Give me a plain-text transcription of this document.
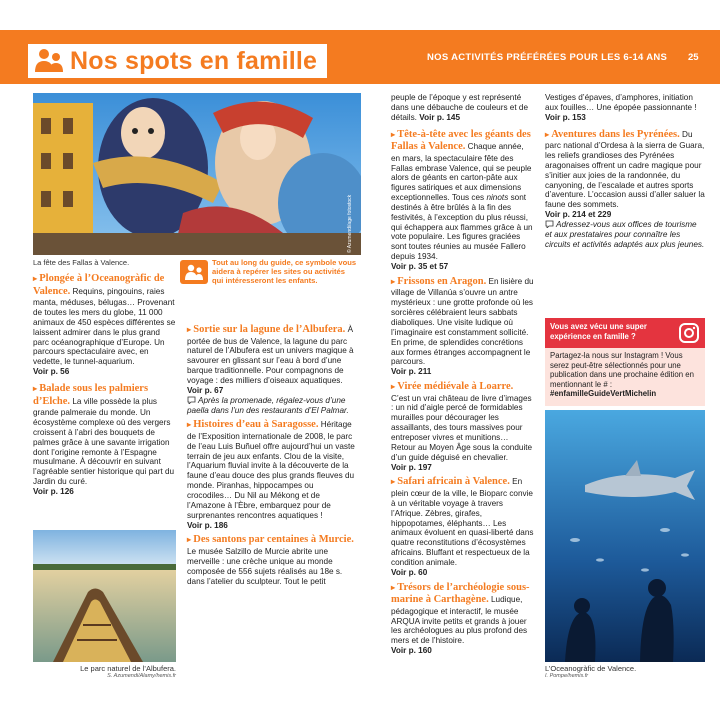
Nos spots en famille	NOS ACTIVITÉS PRÉFÉRÉES POUR LES 6-14 ANS 25
© Azumendi/age fotostock
La fête des Fallas à Valence.	Tout au long du guide, ce symbole vous aidera à repérer les sites ou activités qui intéresseront les enfants.

▸ Plongée à l’Oceanogràfic de Valence. Requins, pingouins, raies manta, méduses, bélugas… Provenant de toutes les mers du globe, 11 000 animaux de 450 espèces différentes se laissent admirer dans le plus grand parc océanographique d’Europe. Un parcours spectaculaire avec, en vedette, le tunnel-aquarium.
Voir p. 56

▸ Balade sous les palmiers d’Elche. La ville possède la plus grande palmeraie du monde. Un écosystème complexe où des vergers croissent à l’abri des bouquets de palmes grâce à une savante irrigation dont l’origine remonte à l’Espagne musulmane. À découvrir en suivant l’agréable sentier historique qui part du Jardin du curé.
Voir p. 126

Le parc naturel de l’Albufera.
S. Azumendi/Alamy/hemis.fr

▸ Sortie sur la lagune de l’Albufera. À portée de bus de Valence, la lagune du parc naturel de l’Albufera est un univers magique à savourer en glissant sur l’eau à bord d’une barque traditionnelle. Pour compagnons de voyage : des milliers d’oiseaux aquatiques.
Voir p. 67
Après la promenade, régalez-vous d’une paella dans l’un des restaurants d’El Palmar.

▸ Histoires d’eau à Saragosse. Héritage de l’Exposition internationale de 2008, le parc de l’eau Luis Buñuel offre aujourd’hui un vaste terrain de jeu aux enfants. Clou de la visite, l’Aquarium fluvial invite à la découverte de la faune d’eau douce des plus grands fleuves du monde. Piranhas, hippocampes ou crocodiles… Du Nil au Mékong et de l’Amazone à l’Èbre, embarquez pour de surprenantes rencontres aquatiques !
Voir p. 186

▸ Des santons par centaines à Murcie. Le musée Salzillo de Murcie abrite une merveille : une crèche unique au monde composée de 556 sujets réalisés au 18e s. dans l’atelier du sculpteur. Tout le petit

peuple de l’époque y est représenté dans une débauche de couleurs et de détails. Voir p. 145

▸ Tête-à-tête avec les géants des Fallas à Valence. Chaque année, en mars, la spectaculaire fête des Fallas embrase Valence, qui se peuple alors de géants en carton-pâte aux figures satiriques et aux dimensions exceptionnelles. Tous ces ninots sont destinés à être brûlés à la fin des festivités, à l’exception du plus réussi, qui échappera aux flammes grâce à un vote populaire. Les figures graciées sont toutes réunies au musée Fallero depuis 1934.
Voir p. 35 et 57

▸ Frissons en Aragon. En lisière du village de Villanúa s’ouvre un antre mystérieux : une grotte profonde où les sorcières célébraient leurs sabbats diaboliques. Une visite ludique où l’imaginaire est constamment sollicité. En prime, de splendides concrétions aux formes étranges accompagnent le parcours.
Voir p. 211

▸ Virée médiévale à Loarre. C’est un vrai château de livre d’images : un nid d’aigle percé de formidables murailles pour décourager les assaillants, des tours massives pour entreposer vivres et munitions… Retour au Moyen Âge sous la conduite d’un guide déguisé en chevalier.
Voir p. 197

▸ Safari africain à Valence. En plein cœur de la ville, le Bioparc convie à un véritable voyage à travers l’Afrique. Zèbres, girafes, hippopotames, éléphants… Les animaux évoluent en quasi-liberté dans quatre reconstitutions d’écosystèmes africains. Bluffant et respectueux de la condition animale.
Voir p. 60

▸ Trésors de l’archéologie sous-marine à Carthagène. Ludique, pédagogique et interactif, le musée ARQUA invite petits et grands à jouer les archéologues au plus profond des mers et de l’histoire.
Voir p. 160

Vestiges d’épaves, d’amphores, initiation aux fouilles… Une épopée passionnante !
Voir p. 153

▸ Aventures dans les Pyrénées. Du parc national d’Ordesa à la sierra de Guara, les reliefs grandioses des Pyrénées aragonaises offrent un cadre magique pour s’initier aux joies de la randonnée, du canyoning, de l’escalade et autres sports d’aventure. L’occasion aussi d’aller saluer la faune des sommets.
Voir p. 214 et 229
Adressez-vous aux offices de tourisme et aux prestataires pour connaître les circuits et activités adaptés aux plus jeunes.

Vous avez vécu une super expérience en famille ?
Partagez-la nous sur Instagram ! Vous serez peut-être sélectionnés pour une publication dans une prochaine édition en mentionnant le # : #enfamilleGuideVertMichelin
L’Oceanogràfic de Valence.
I. Pompe/hemis.fr
